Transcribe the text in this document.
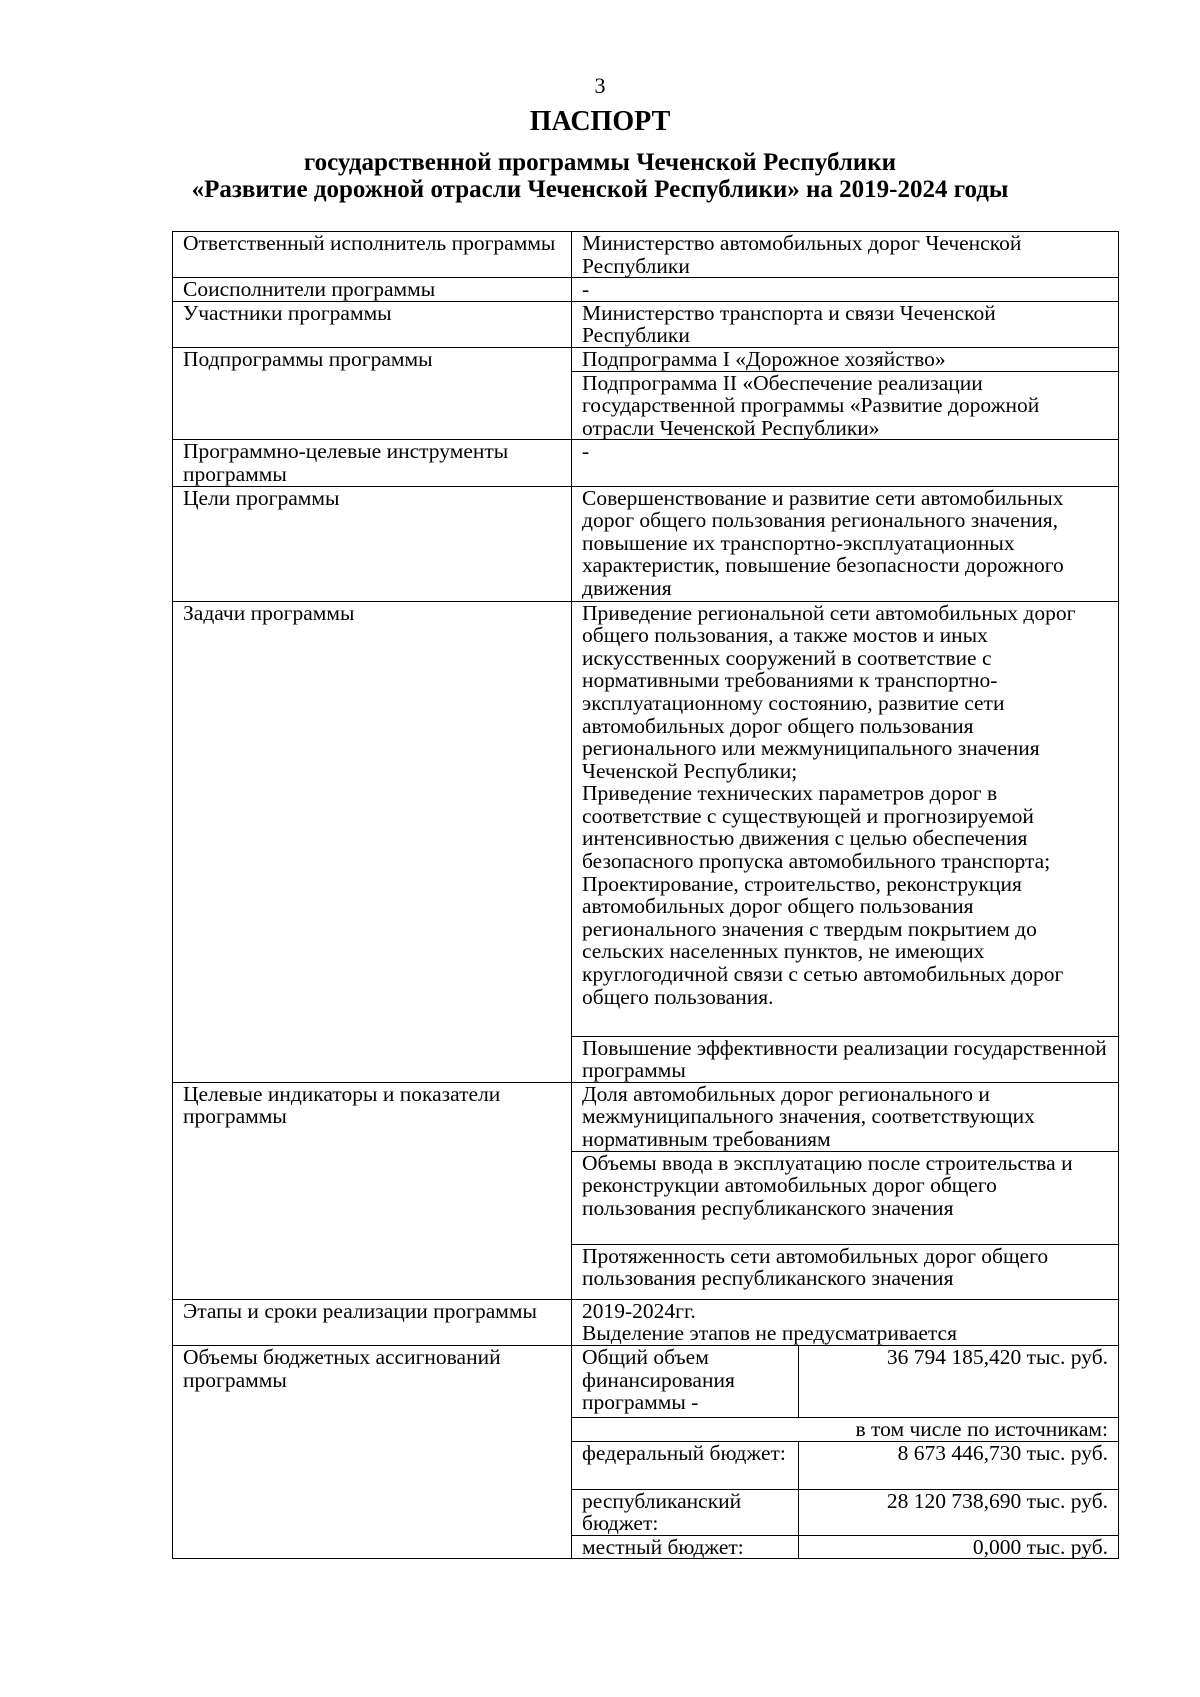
3
ПАСПОРТ
государственной программы Чеченской Республики
«Развитие дорожной отрасли Чеченской Республики» на 2019-2024 годы
Ответственный исполнитель программы	Министерство автомобильных дорог Чеченской Республики	
Соисполнители программы	-	
Участники программы	Министерство транспорта и связи Чеченской Республики	
Подпрограммы программы	Подпрограмма I «Дорожное хозяйство»	
	Подпрограмма II «Обеспечение реализации государственной программы «Развитие дорожной отрасли Чеченской Республики»	
Программно-целевые инструменты программы	-	
Цели программы	Совершенствование и развитие сети автомобильных дорог общего пользования регионального значения, повышение их транспортно-эксплуатационных характеристик, повышение безопасности дорожного движения	
Задачи программы	Приведение региональной сети автомобильных дорог общего пользования, а также мостов и иных искусственных сооружений в соответствие с нормативными требованиями к транспортно-эксплуатационному состоянию, развитие сети автомобильных дорог общего пользования регионального или межмуниципального значения Чеченской Республики;
Приведение технических параметров дорог в соответствие с существующей и прогнозируемой интенсивностью движения с целью обеспечения безопасного пропуска автомобильного транспорта;
Проектирование, строительство, реконструкция автомобильных дорог общего пользования регионального значения с твердым покрытием до сельских населенных пунктов, не имеющих круглогодичной связи с сетью автомобильных дорог общего пользования.	

	Повышение эффективности реализации государственной программы	
Целевые индикаторы и показатели программы	Доля автомобильных дорог регионального и межмуниципального значения, соответствующих нормативным требованиям	
	Объемы ввода в эксплуатацию после строительства и реконструкции автомобильных дорог общего пользования республиканского значения	
	Протяженность сети автомобильных дорог общего пользования республиканского значения	
Этапы и сроки реализации программы	2019-2024гг.
Выделение этапов не предусматривается	

Объемы бюджетных ассигнований программы	Общий объем финансирования программы -	36 794 185,420 тыс. руб.
	в том числе по источникам:	
	федеральный бюджет:	8 673 446,730 тыс. руб.
	республиканский бюджет:	28 120 738,690 тыс. руб.
	местный бюджет:	0,000 тыс. руб.
